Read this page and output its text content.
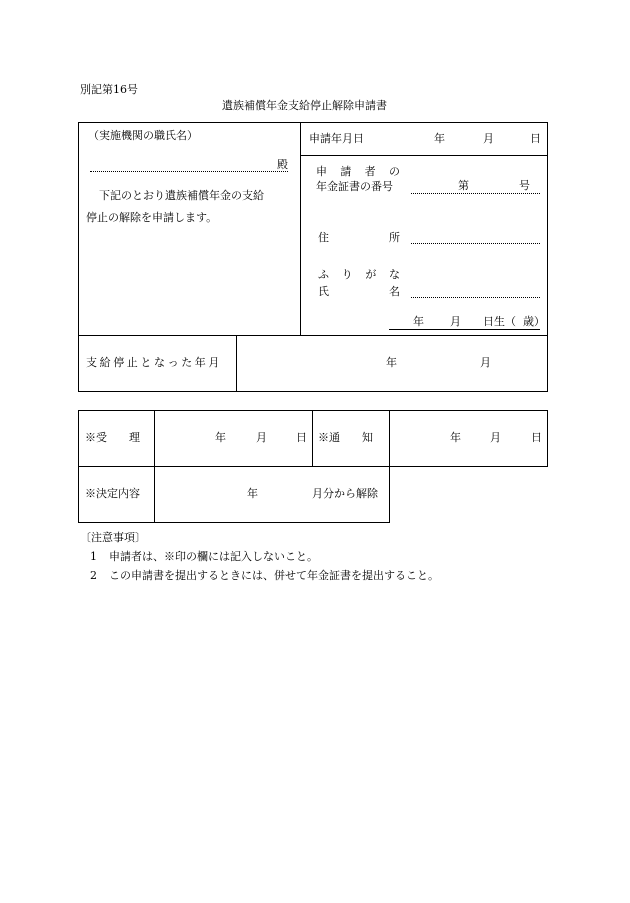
別記第16号
遺族補償年金支給停止解除申請書
（実施機関の職氏名）
殿
下記のとおり遺族補償年金の支給
停止の解除を申請します。
申請年月日	年	月	日
申 請 者 の
年金証書の番号	第	号
住	所
ふ り が な
氏	名
年 月 日生（ 歳）
支給停止となった年月	年	月
※受　　理	年	月	日 ※通　　知	年	月	日
※決定内容	年	月分から解除
〔注意事項〕
1 申請者は、※印の欄には記入しないこと。
2 この申請書を提出するときには、併せて年金証書を提出すること。
